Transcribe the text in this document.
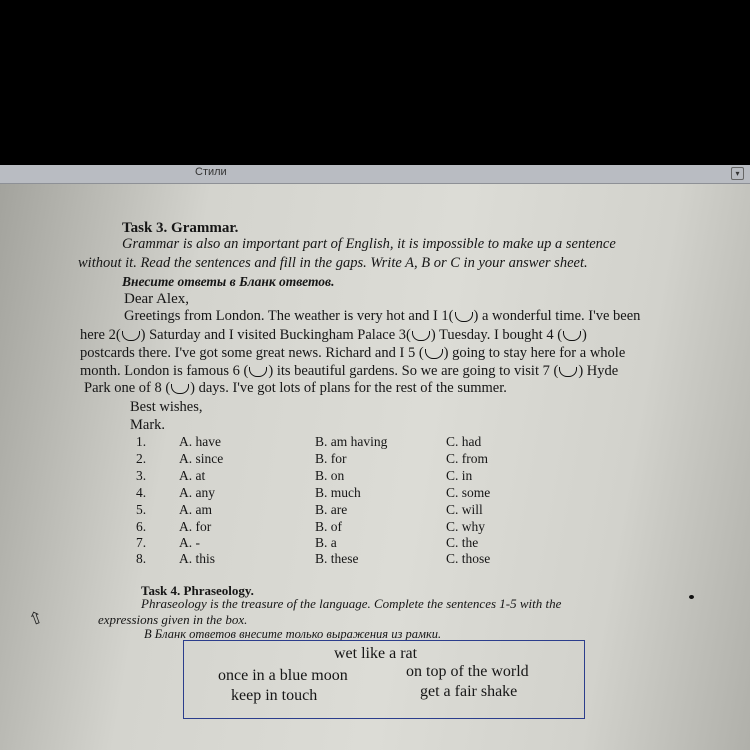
Стили	▾
​
Task 3. Grammar.
Grammar is also an important part of English, it is impossible to make up a sentence
without it. Read the sentences and fill in the gaps. Write A, B or C in your answer sheet.
Внесите ответы в Бланк ответов.
Dear Alex,
Greetings from London. The weather is very hot and I 1( ) a wonderful time. I've been
here 2( ) Saturday and I visited Buckingham Palace 3( ) Tuesday. I bought 4 ( )
postcards there. I've got some great news. Richard and I 5 ( ) going to stay here for a whole
month. London is famous 6 ( ) its beautiful gardens. So we are going to visit 7 ( ) Hyde
Park one of 8 ( ) days. I've got lots of plans for the rest of the summer.
Best wishes,
Mark.
1. A. have	B. am having	C. had
2. A. since	B. for	C. from
3. A. at	B. on	C. in
4. A. any	B. much	C. some
5. A. am	B. are	C. will
6. A. for	B. of	C. why
7. A. -	B. a	C. the
8. A. this	B. these	C. those
Task 4. Phraseology.
Phraseology is the treasure of the language. Complete the sentences 1-5 with the
expressions given in the box.
В Бланк ответов внесите только выражения из рамки.
wet like a rat
once in a blue moon	on top of the world
keep in touch	get a fair shake
⇧
